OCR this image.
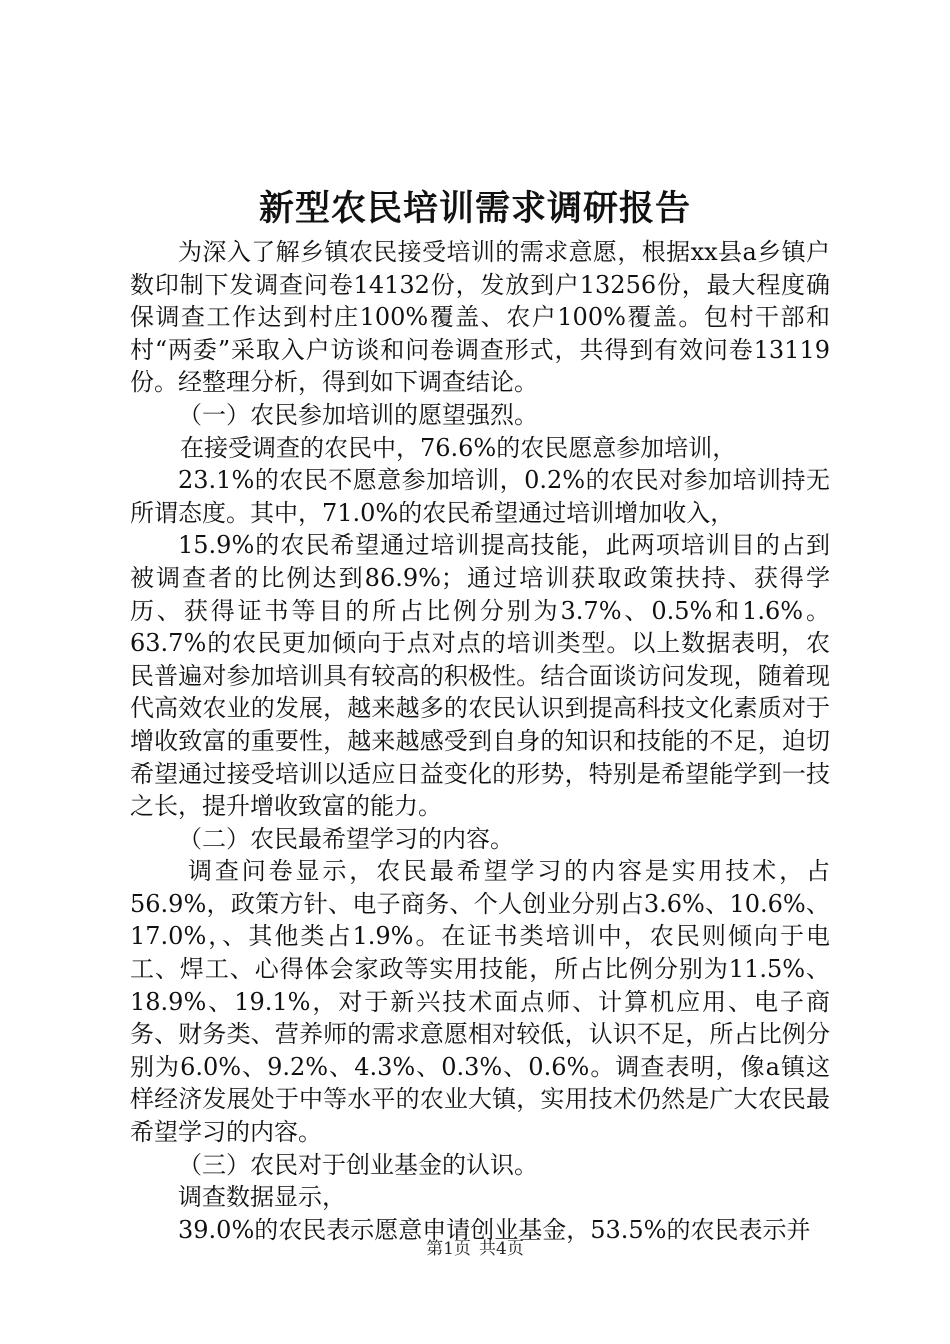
新型农民培训需求调研报告

为深入了解乡镇农民接受培训的需求意愿，根据xx县a乡镇户数印制下发调查问卷14132份，发放到户13256份，最大程度确保调查工作达到村庄100%覆盖、农户100%覆盖。包村干部和村“两委”采取入户访谈和问卷调查形式，共得到有效问卷13119份。经整理分析，得到如下调查结论。

（一）农民参加培训的愿望强烈。

在接受调查的农民中，76.6%的农民愿意参加培训，

23.1%的农民不愿意参加培训，0.2%的农民对参加培训持无所谓态度。其中，71.0%的农民希望通过培训增加收入，

15.9%的农民希望通过培训提高技能，此两项培训目的占到被调查者的比例达到86.9%；通过培训获取政策扶持、获得学历、获得证书等目的所占比例分别为3.7%、0.5%和1.6%。63.7%的农民更加倾向于点对点的培训类型。以上数据表明，农民普遍对参加培训具有较高的积极性。结合面谈访问发现，随着现代高效农业的发展，越来越多的农民认识到提高科技文化素质对于增收致富的重要性，越来越感受到自身的知识和技能的不足，迫切希望通过接受培训以适应日益变化的形势，特别是希望能学到一技之长，提升增收致富的能力。

（二）农民最希望学习的内容。

调查问卷显示，农民最希望学习的内容是实用技术，占56.9%，政策方针、电子商务、个人创业分别占3.6%、10.6%、17.0%，、其他类占1.9%。在证书类培训中，农民则倾向于电工、焊工、心得体会家政等实用技能，所占比例分别为11.5%、18.9%、19.1%，对于新兴技术面点师、计算机应用、电子商务、财务类、营养师的需求意愿相对较低，认识不足，所占比例分别为6.0%、9.2%、4.3%、0.3%、0.6%。调查表明，像a镇这样经济发展处于中等水平的农业大镇，实用技术仍然是广大农民最希望学习的内容。

（三）农民对于创业基金的认识。

调查数据显示，

39.0%的农民表示愿意申请创业基金，53.5%的农民表示并

第1页 共4页
